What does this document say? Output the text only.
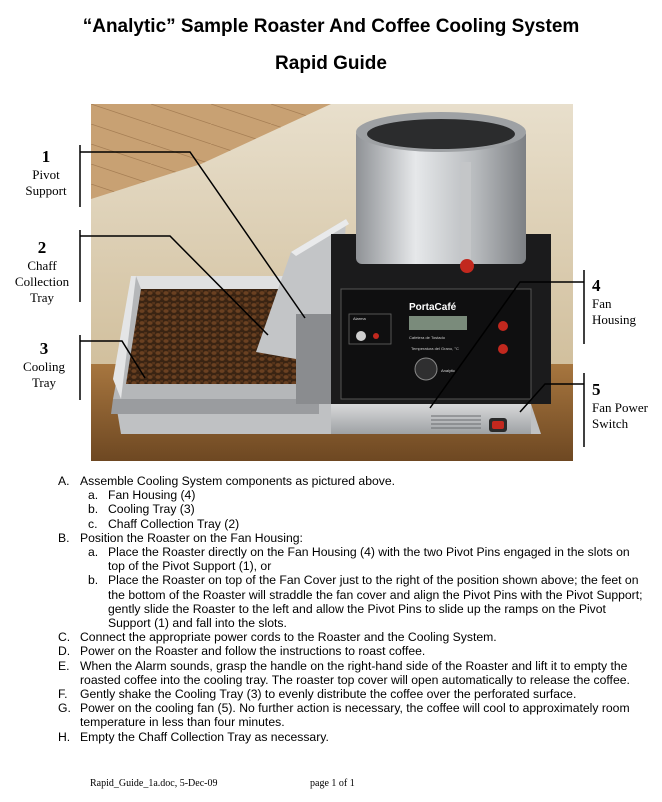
“Analytic” Sample Roaster And Coffee Cooling System
Rapid Guide
PortaCafé
Cafetera de Tostado
Alarma
Temperatura del Grano, °C
Analytic
1
Pivot Support
2
Chaff Collection Tray
3
Cooling Tray
4
Fan Housing
5
Fan Power Switch
A. Assemble Cooling System components as pictured above.
a. Fan Housing (4)
b. Cooling Tray (3)
c. Chaff Collection Tray (2)
B. Position the Roaster on the Fan Housing:
a. Place the Roaster directly on the Fan Housing (4) with the two Pivot Pins engaged in the slots on top of the Pivot Support (1), or
b. Place the Roaster on top of the Fan Cover just to the right of the position shown above; the feet on the bottom of the Roaster will straddle the fan cover and align the Pivot Pins with the Pivot Support; gently slide the Roaster to the left and allow the Pivot Pins to slide up the ramps on the Pivot Support (1) and fall into the slots.
C. Connect the appropriate power cords to the Roaster and the Cooling System.
D. Power on the Roaster and follow the instructions to roast coffee.
E. When the Alarm sounds, grasp the handle on the right-hand side of the Roaster and lift it to empty the roasted coffee into the cooling tray. The roaster top cover will open automatically to release the coffee.
F. Gently shake the Cooling Tray (3) to evenly distribute the coffee over the perforated surface.
G. Power on the cooling fan (5). No further action is necessary, the coffee will cool to approximately room temperature in less than four minutes.
H. Empty the Chaff Collection Tray as necessary.
Rapid_Guide_1a.doc, 5-Dec-09	page 1 of 1
